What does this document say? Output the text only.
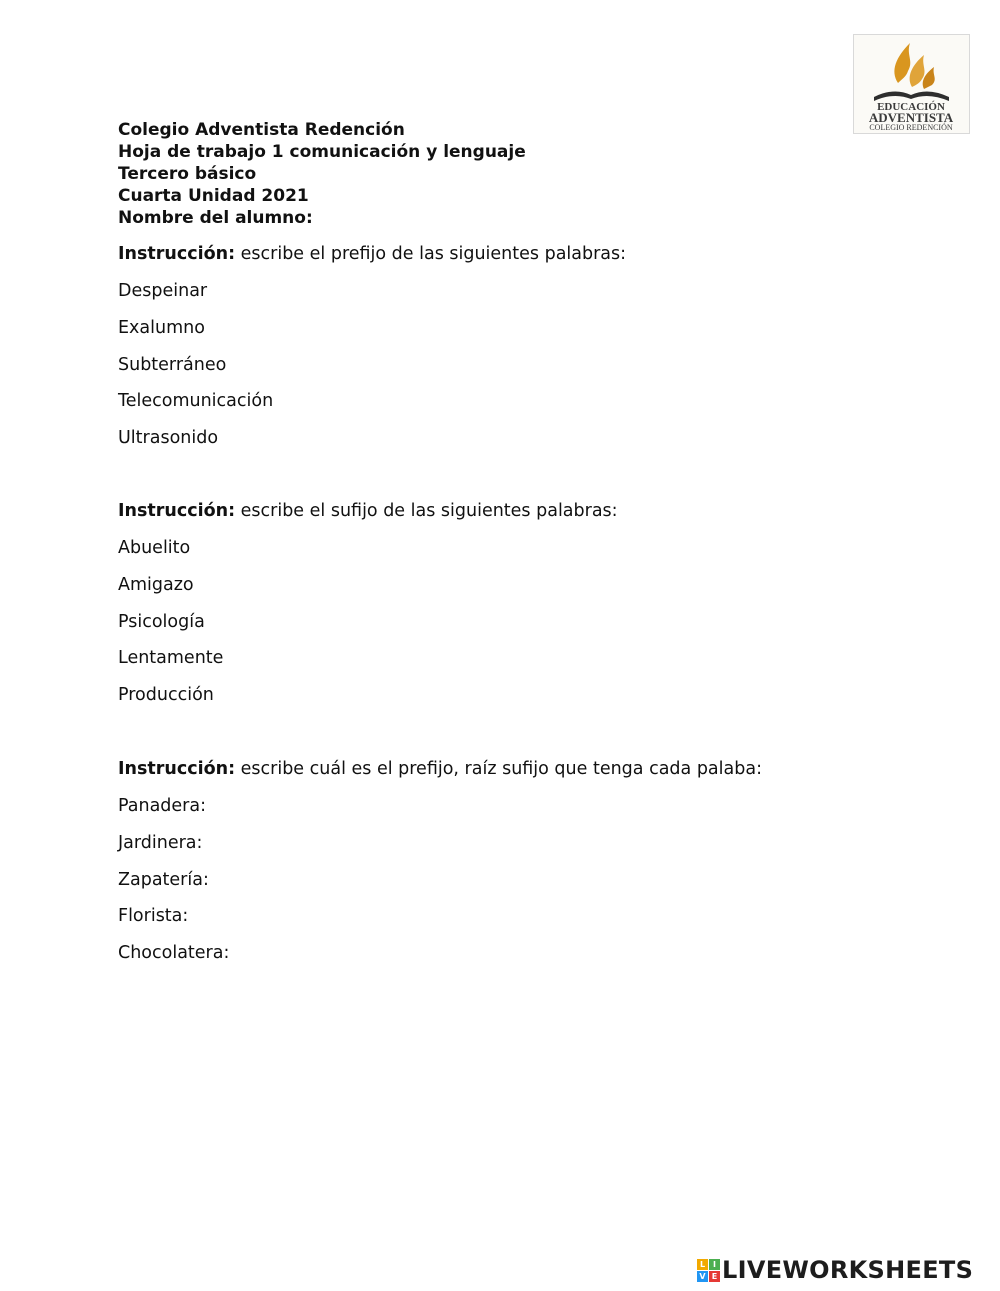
EDUCACIÓN
ADVENTISTA
COLEGIO REDENCIÓN
Colegio Adventista Redención
Hoja de trabajo 1 comunicación y lenguaje
Tercero básico
Cuarta Unidad 2021
Nombre del alumno:
Instrucción: escribe el prefijo de las siguientes palabras:
Despeinar
Exalumno
Subterráneo
Telecomunicación
Ultrasonido
Instrucción: escribe el sufijo de las siguientes palabras:
Abuelito
Amigazo
Psicología
Lentamente
Producción
Instrucción: escribe cuál es el prefijo, raíz sufijo que tenga cada palaba:
Panadera:
Jardinera:
Zapatería:
Florista:
Chocolatera:
L I
V E LIVEWORKSHEETS
